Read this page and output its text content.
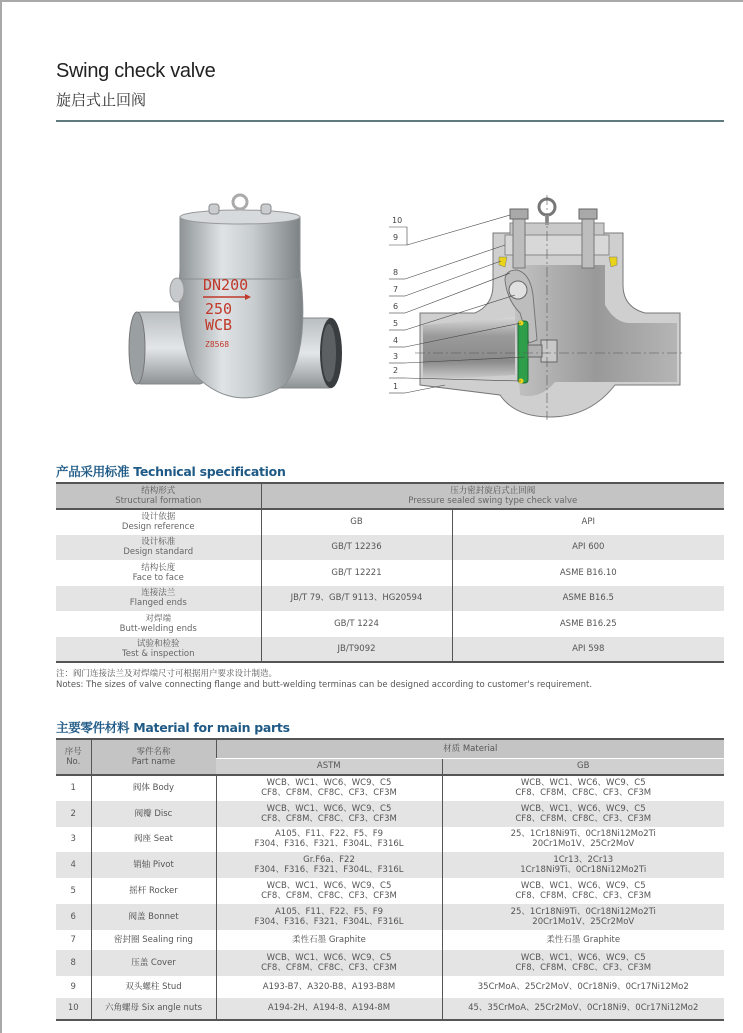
Swing check valve
旋启式止回阀
DN200
250
WCB
Z8568
10
9
8
7
6
5
4
3
2
1
产品采用标准 Technical specification
结构形式
Structural formation	压力密封旋启式止回阀
Pressure sealed swing type check valve	

设计依据
Design reference	GB	API

设计标准
Design standard	GB/T 12236	API 600

结构长度
Face to face	GB/T 12221	ASME B16.10

连接法兰
Flanged ends	JB/T 79、GB/T 9113、HG20594	ASME B16.5

对焊端
Butt-welding ends	GB/T 1224	ASME B16.25

试验和检验
Test & inspection	JB/T9092	API 598
注：阀门连接法兰及对焊端尺寸可根据用户要求设计制造。
Notes: The sizes of valve connecting flange and butt-welding terminas can be designed according to customer's requirement.
主要零件材料 Material for main parts
序号
No.	零件名称
Part name	材质 Material	
		ASTM	GB
1	阀体 Body	WCB、WC1、WC6、WC9、C5
CF8、CF8M、CF8C、CF3、CF3M	WCB、WC1、WC6、WC9、C5
CF8、CF8M、CF8C、CF3、CF3M

2	阀瓣 Disc	WCB、WC1、WC6、WC9、C5
CF8、CF8M、CF8C、CF3、CF3M	WCB、WC1、WC6、WC9、C5
CF8、CF8M、CF8C、CF3、CF3M

3	阀座 Seat	A105、F11、F22、F5、F9
F304、F316、F321、F304L、F316L	25、1Cr18Ni9Ti、0Cr18Ni12Mo2Ti
20Cr1Mo1V、25Cr2MoV

4	销轴 Pivot	Gr.F6a、F22
F304、F316、F321、F304L、F316L	1Cr13、2Cr13
1Cr18Ni9Ti、0Cr18Ni12Mo2Ti

5	摇杆 Rocker	WCB、WC1、WC6、WC9、C5
CF8、CF8M、CF8C、CF3、CF3M	WCB、WC1、WC6、WC9、C5
CF8、CF8M、CF8C、CF3、CF3M

6	阀盖 Bonnet	A105、F11、F22、F5、F9
F304、F316、F321、F304L、F316L	25、1Cr18Ni9Ti、0Cr18Ni12Mo2Ti
20Cr1Mo1V、25Cr2MoV

7	密封圈 Sealing ring	柔性石墨 Graphite	柔性石墨 Graphite
8	压盖 Cover	WCB、WC1、WC6、WC9、C5
CF8、CF8M、CF8C、CF3、CF3M	WCB、WC1、WC6、WC9、C5
CF8、CF8M、CF8C、CF3、CF3M

9	双头螺柱 Stud	A193-B7、A320-B8、A193-B8M	35CrMoA、25Cr2MoV、0Cr18Ni9、0Cr17Ni12Mo2
10	六角螺母 Six angle nuts	A194-2H、A194-8、A194-8M	45、35CrMoA、25Cr2MoV、0Cr18Ni9、0Cr17Ni12Mo2
